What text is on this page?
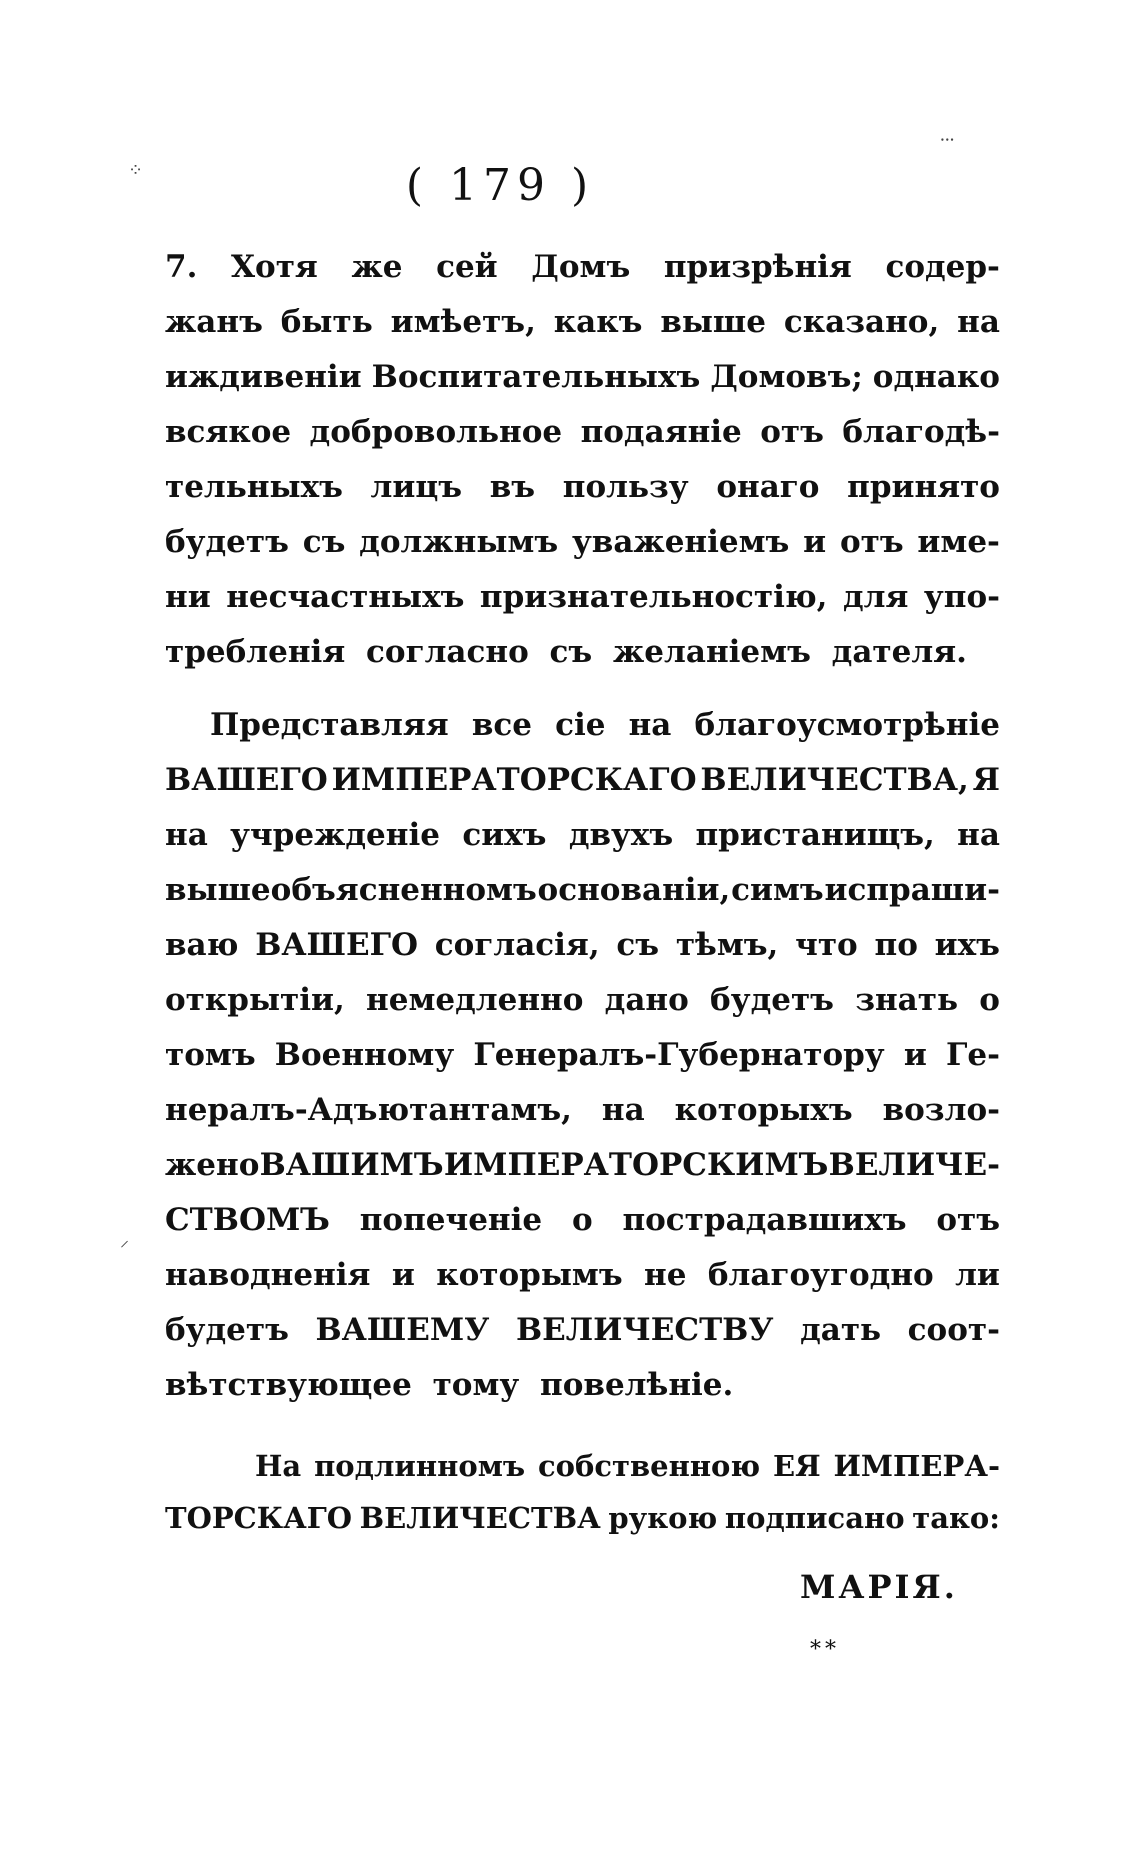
( 179 )
7. Хотя же сей Домъ призрѣнія содер-
жанъ быть имѣетъ, какъ выше сказано, на
иждивеніи Воспитательныхъ Домовъ; однако
всякое добровольное подаяніе отъ благодѣ-
тельныхъ лицъ въ пользу онаго принято
будетъ съ должнымъ уваженіемъ и отъ име-
ни несчастныхъ признательностію, для упо-
требленія согласно съ желаніемъ дателя.
Представляя все сіе на благоусмотрѣніе
ВАШЕГО ИМПЕРАТОРСКАГО ВЕЛИЧЕСТВА, Я
на учрежденіе сихъ двухъ пристанищъ, на
вышеобъясненномъ основаніи, симъ испраши-
ваю ВАШЕГО согласія, съ тѣмъ, что по ихъ
открытіи, немедленно дано будетъ знать о
томъ Военному Генералъ-Губернатору и Ге-
нералъ-Адъютантамъ, на которыхъ возло-
жено ВАШИМЪ ИМПЕРАТОРСКИМЪ ВЕЛИЧЕ-
СТВОМЪ попеченіе о пострадавшихъ отъ
наводненія и которымъ не благоугодно ли
будетъ ВАШЕМУ ВЕЛИЧЕСТВУ дать соот-
вѣтствующее тому повелѣніе.
На подлинномъ собственною ЕЯ ИМПЕРА-
ТОРСКАГО ВЕЛИЧЕСТВА рукою подписано тако:
МАРІЯ.
⁎⁎
⁘
⸱⸱⸱
⸝
